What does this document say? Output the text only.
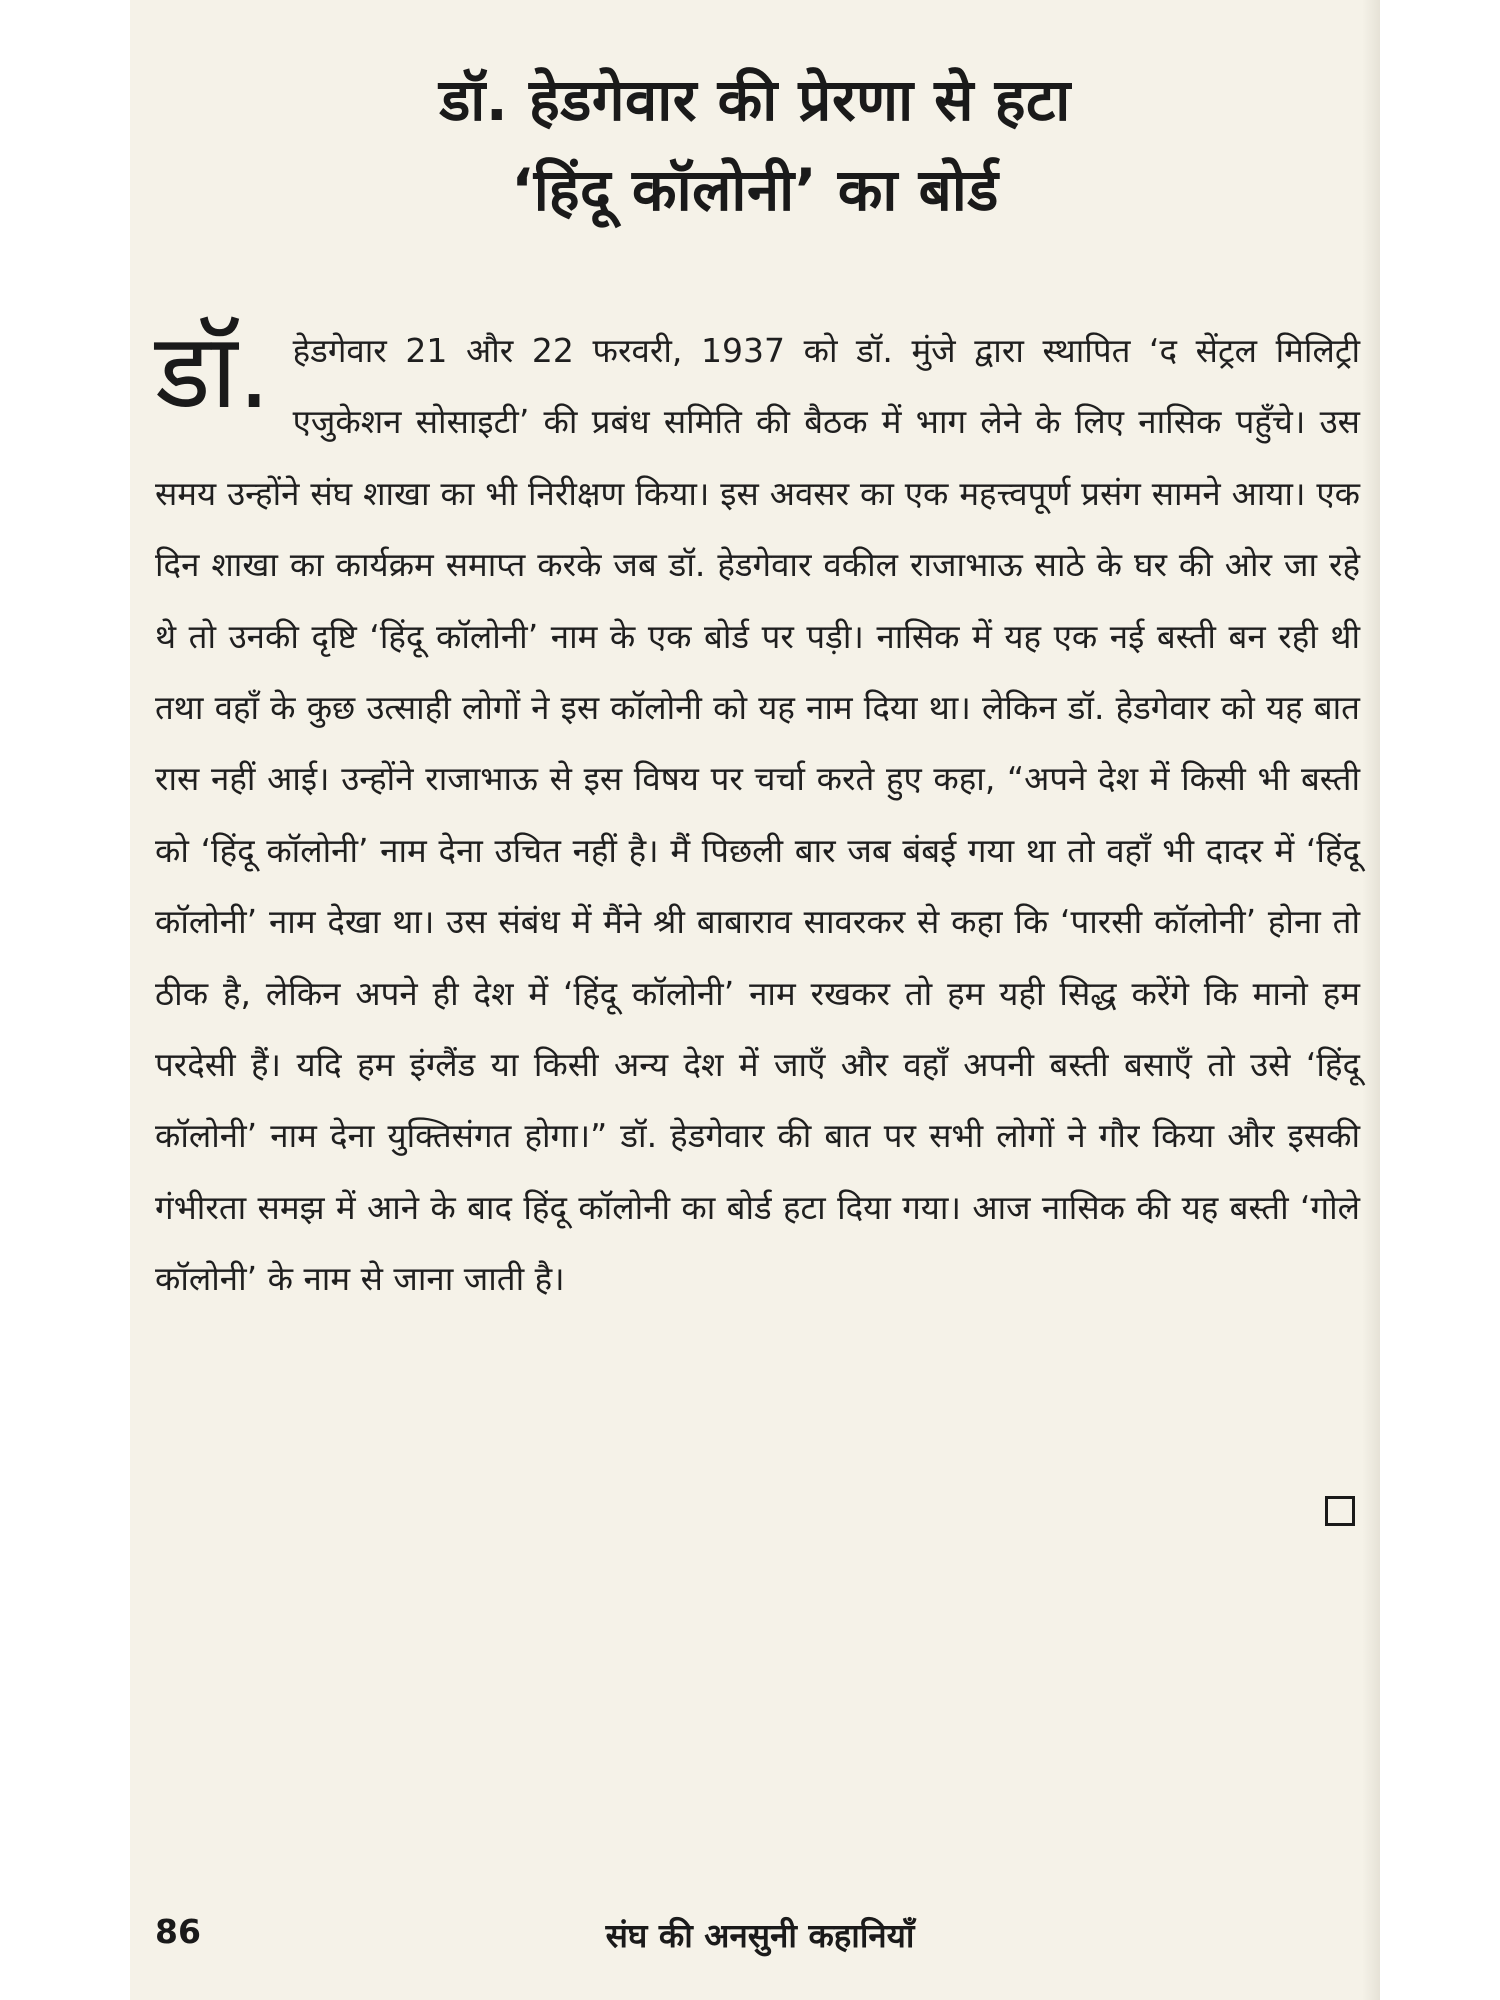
डॉ. हेडगेवार की प्रेरणा से हटा
‘हिंदू कॉलोनी’ का बोर्ड
डॉ. हेडगेवार 21 और 22 फरवरी, 1937 को डॉ. मुंजे द्वारा स्थापित ‘द सेंट्रल मिलिट्री एजुकेशन सोसाइटी’ की प्रबंध समिति की बैठक में भाग लेने के लिए नासिक पहुँचे। उस समय उन्होंने संघ शाखा का भी निरीक्षण किया। इस अवसर का एक महत्त्वपूर्ण प्रसंग सामने आया। एक दिन शाखा का कार्यक्रम समाप्त करके जब डॉ. हेडगेवार वकील राजाभाऊ साठे के घर की ओर जा रहे थे तो उनकी दृष्टि ‘हिंदू कॉलोनी’ नाम के एक बोर्ड पर पड़ी। नासिक में यह एक नई बस्ती बन रही थी तथा वहाँ के कुछ उत्साही लोगों ने इस कॉलोनी को यह नाम दिया था। लेकिन डॉ. हेडगेवार को यह बात रास नहीं आई। उन्होंने राजाभाऊ से इस विषय पर चर्चा करते हुए कहा, “अपने देश में किसी भी बस्ती को ‘हिंदू कॉलोनी’ नाम देना उचित नहीं है। मैं पिछली बार जब बंबई गया था तो वहाँ भी दादर में ‘हिंदू कॉलोनी’ नाम देखा था। उस संबंध में मैंने श्री बाबाराव सावरकर से कहा कि ‘पारसी कॉलोनी’ होना तो ठीक है, लेकिन अपने ही देश में ‘हिंदू कॉलोनी’ नाम रखकर तो हम यही सिद्ध करेंगे कि मानो हम परदेसी हैं। यदि हम इंग्लैंड या किसी अन्य देश में जाएँ और वहाँ अपनी बस्ती बसाएँ तो उसे ‘हिंदू कॉलोनी’ नाम देना युक्तिसंगत होगा।” डॉ. हेडगेवार की बात पर सभी लोगों ने गौर किया और इसकी गंभीरता समझ में आने के बाद हिंदू कॉलोनी का बोर्ड हटा दिया गया। आज नासिक की यह बस्ती ‘गोले कॉलोनी’ के नाम से जाना जाती है।
86	संघ की अनसुनी कहानियाँ
